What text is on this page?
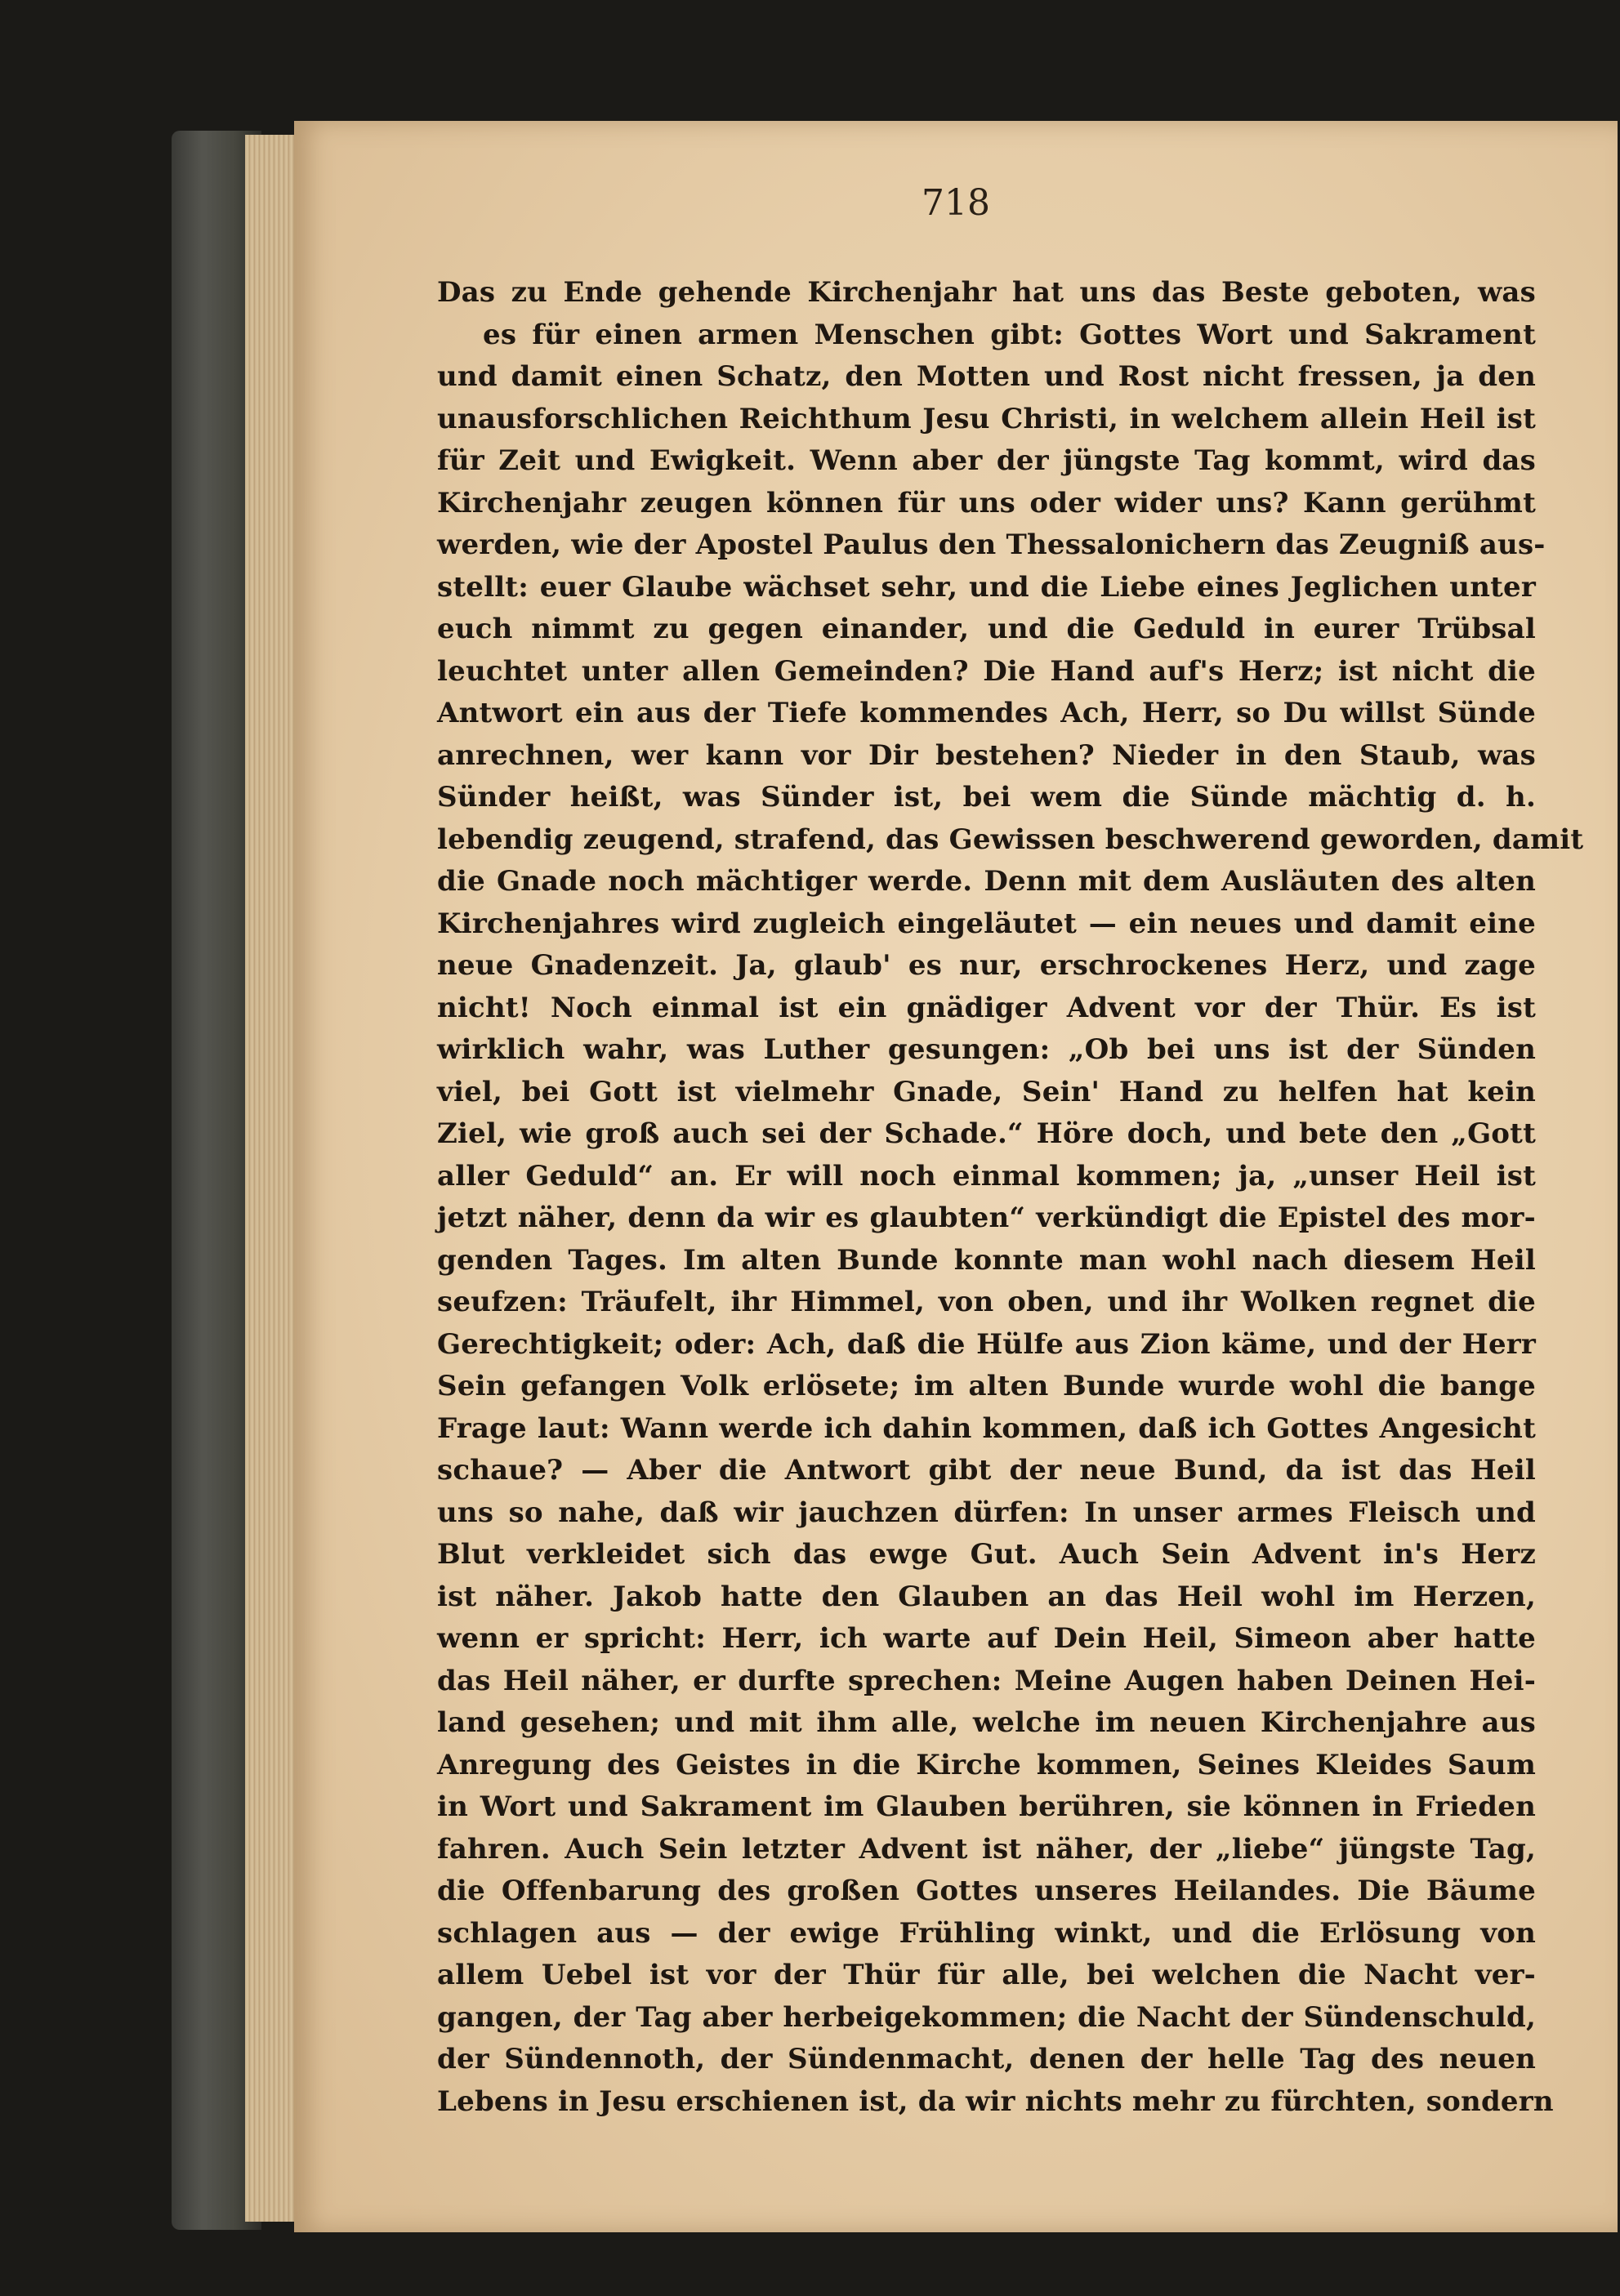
718
Das zu Ende gehende Kirchenjahr hat uns das Beste geboten, was
es für einen armen Menschen gibt: Gottes Wort und Sakrament
und damit einen Schatz, den Motten und Rost nicht fressen, ja den
unausforschlichen Reichthum Jesu Christi, in welchem allein Heil ist
für Zeit und Ewigkeit. Wenn aber der jüngste Tag kommt, wird das
Kirchenjahr zeugen können für uns oder wider uns? Kann gerühmt
werden, wie der Apostel Paulus den Thessalonichern das Zeugniß aus-
stellt: euer Glaube wächset sehr, und die Liebe eines Jeglichen unter
euch nimmt zu gegen einander, und die Geduld in eurer Trübsal
leuchtet unter allen Gemeinden? Die Hand auf's Herz; ist nicht die
Antwort ein aus der Tiefe kommendes Ach, Herr, so Du willst Sünde
anrechnen, wer kann vor Dir bestehen? Nieder in den Staub, was
Sünder heißt, was Sünder ist, bei wem die Sünde mächtig d. h.
lebendig zeugend, strafend, das Gewissen beschwerend geworden, damit
die Gnade noch mächtiger werde. Denn mit dem Ausläuten des alten
Kirchenjahres wird zugleich eingeläutet — ein neues und damit eine
neue Gnadenzeit. Ja, glaub' es nur, erschrockenes Herz, und zage
nicht! Noch einmal ist ein gnädiger Advent vor der Thür. Es ist
wirklich wahr, was Luther gesungen: „Ob bei uns ist der Sünden
viel, bei Gott ist vielmehr Gnade, Sein' Hand zu helfen hat kein
Ziel, wie groß auch sei der Schade.“ Höre doch, und bete den „Gott
aller Geduld“ an. Er will noch einmal kommen; ja, „unser Heil ist
jetzt näher, denn da wir es glaubten“ verkündigt die Epistel des mor-
genden Tages. Im alten Bunde konnte man wohl nach diesem Heil
seufzen: Träufelt, ihr Himmel, von oben, und ihr Wolken regnet die
Gerechtigkeit; oder: Ach, daß die Hülfe aus Zion käme, und der Herr
Sein gefangen Volk erlösete; im alten Bunde wurde wohl die bange
Frage laut: Wann werde ich dahin kommen, daß ich Gottes Angesicht
schaue? — Aber die Antwort gibt der neue Bund, da ist das Heil
uns so nahe, daß wir jauchzen dürfen: In unser armes Fleisch und
Blut verkleidet sich das ewge Gut. Auch Sein Advent in's Herz
ist näher. Jakob hatte den Glauben an das Heil wohl im Herzen,
wenn er spricht: Herr, ich warte auf Dein Heil, Simeon aber hatte
das Heil näher, er durfte sprechen: Meine Augen haben Deinen Hei-
land gesehen; und mit ihm alle, welche im neuen Kirchenjahre aus
Anregung des Geistes in die Kirche kommen, Seines Kleides Saum
in Wort und Sakrament im Glauben berühren, sie können in Frieden
fahren. Auch Sein letzter Advent ist näher, der „liebe“ jüngste Tag,
die Offenbarung des großen Gottes unseres Heilandes. Die Bäume
schlagen aus — der ewige Frühling winkt, und die Erlösung von
allem Uebel ist vor der Thür für alle, bei welchen die Nacht ver-
gangen, der Tag aber herbeigekommen; die Nacht der Sündenschuld,
der Sündennoth, der Sündenmacht, denen der helle Tag des neuen
Lebens in Jesu erschienen ist, da wir nichts mehr zu fürchten, sondern
